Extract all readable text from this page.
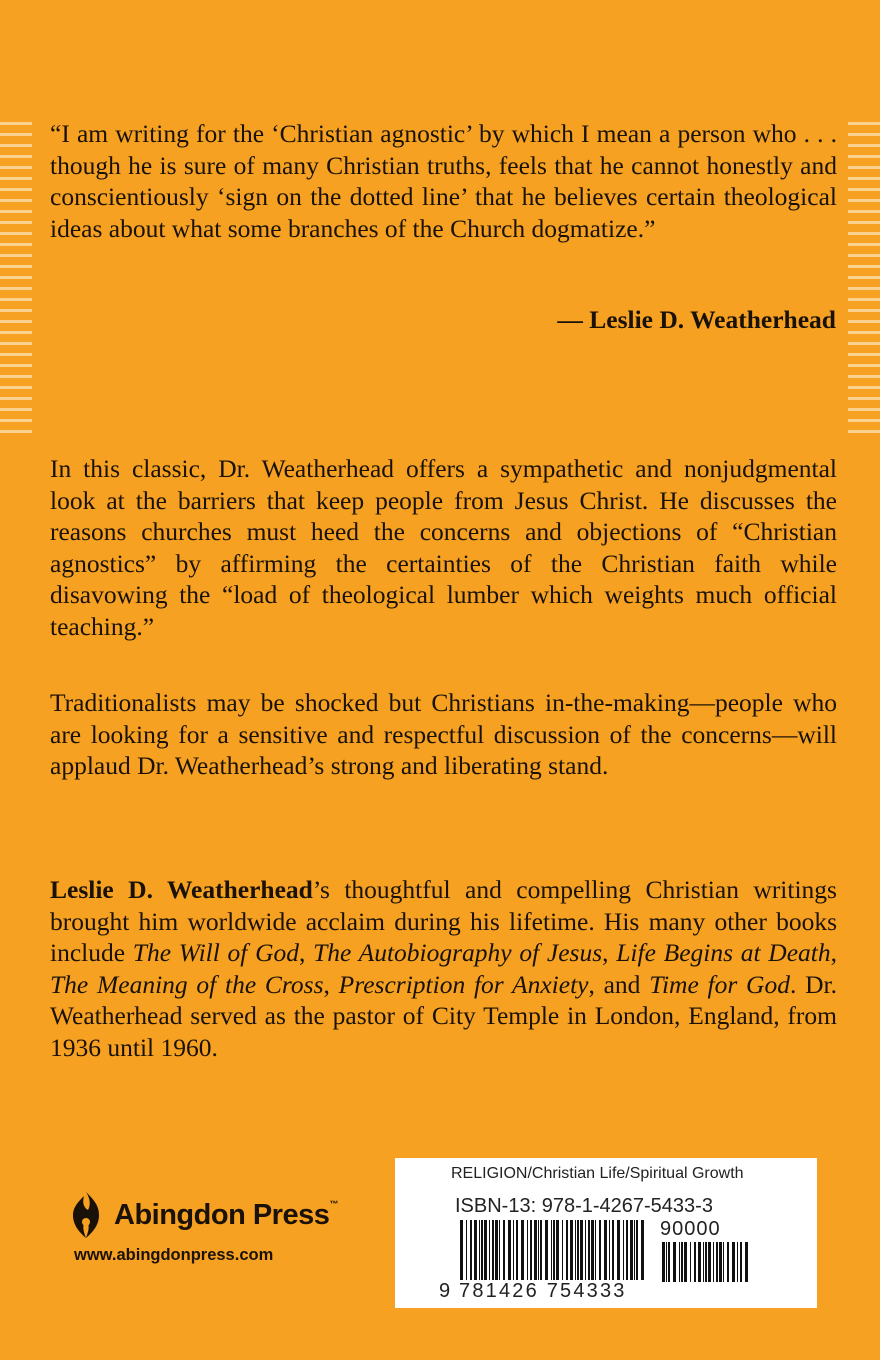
“I am writing for the ‘Christian agnostic’ by which I mean a person who . . . though he is sure of many Christian truths, feels that he cannot honestly and conscientiously ‘sign on the dotted line’ that he believes certain theological ideas about what some branches of the Church dogmatize.”

— Leslie D. Weatherhead

In this classic, Dr. Weatherhead offers a sympathetic and nonjudgmental look at the barriers that keep people from Jesus Christ. He discusses the reasons churches must heed the concerns and objections of “Christian agnostics” by affirming the certainties of the Christian faith while disavowing the “load of theological lumber which weights much official teaching.”

Traditionalists may be shocked but Christians in-the-making—people who are looking for a sensitive and respectful discussion of the concerns—will applaud Dr. Weatherhead’s strong and liberating stand.

Leslie D. Weatherhead’s thoughtful and compelling Christian writings brought him worldwide acclaim during his lifetime. His many other books include The Will of God, The Autobiography of Jesus, Life Begins at Death, The Meaning of the Cross, Prescription for Anxiety, and Time for God. Dr. Weatherhead served as the pastor of City Temple in London, England, from 1936 until 1960.

Abingdon Press™
www.abingdonpress.com
RELIGION/Christian Life/Spiritual Growth
ISBN-13: 978-1-4267-5433-3
90000
9 781426 754333
